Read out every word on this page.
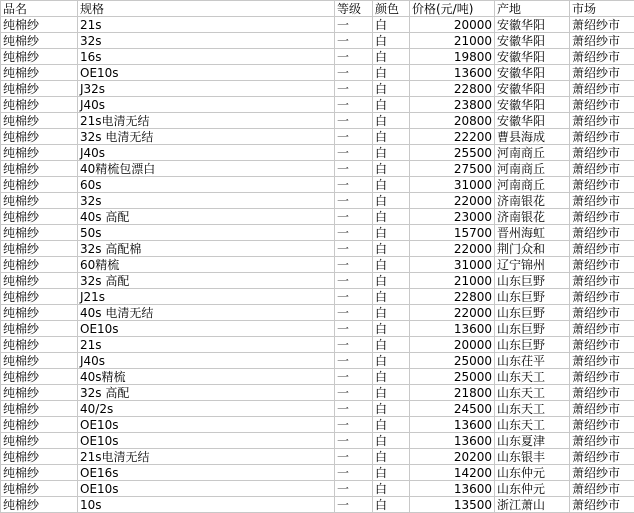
品名	规格	等级	颜色	价格(元/吨)	产地	市场
纯棉纱	21s	一	白	20000	安徽华阳	萧绍纱市
纯棉纱	32s	一	白	21000	安徽华阳	萧绍纱市
纯棉纱	16s	一	白	19800	安徽华阳	萧绍纱市
纯棉纱	OE10s	一	白	13600	安徽华阳	萧绍纱市
纯棉纱	J32s	一	白	22800	安徽华阳	萧绍纱市
纯棉纱	J40s	一	白	23800	安徽华阳	萧绍纱市
纯棉纱	21s电清无结	一	白	20800	安徽华阳	萧绍纱市
纯棉纱	32s 电清无结	一	白	22200	曹县海成	萧绍纱市
纯棉纱	J40s	一	白	25500	河南商丘	萧绍纱市
纯棉纱	40精梳包漂白	一	白	27500	河南商丘	萧绍纱市
纯棉纱	60s	一	白	31000	河南商丘	萧绍纱市
纯棉纱	32s	一	白	22000	济南银花	萧绍纱市
纯棉纱	40s 高配	一	白	23000	济南银花	萧绍纱市
纯棉纱	50s	一	白	15700	晋州海虹	萧绍纱市
纯棉纱	32s 高配棉	一	白	22000	荆门众和	萧绍纱市
纯棉纱	60精梳	一	白	31000	辽宁锦州	萧绍纱市
纯棉纱	32s 高配	一	白	21000	山东巨野	萧绍纱市
纯棉纱	J21s	一	白	22800	山东巨野	萧绍纱市
纯棉纱	40s 电清无结	一	白	22000	山东巨野	萧绍纱市
纯棉纱	OE10s	一	白	13600	山东巨野	萧绍纱市
纯棉纱	21s	一	白	20000	山东巨野	萧绍纱市
纯棉纱	J40s	一	白	25000	山东茌平	萧绍纱市
纯棉纱	40s精梳	一	白	25000	山东天工	萧绍纱市
纯棉纱	32s 高配	一	白	21800	山东天工	萧绍纱市
纯棉纱	40/2s	一	白	24500	山东天工	萧绍纱市
纯棉纱	OE10s	一	白	13600	山东天工	萧绍纱市
纯棉纱	OE10s	一	白	13600	山东夏津	萧绍纱市
纯棉纱	21s电清无结	一	白	20200	山东银丰	萧绍纱市
纯棉纱	OE16s	一	白	14200	山东仲元	萧绍纱市
纯棉纱	OE10s	一	白	13600	山东仲元	萧绍纱市
纯棉纱	10s	一	白	13500	浙江萧山	萧绍纱市
